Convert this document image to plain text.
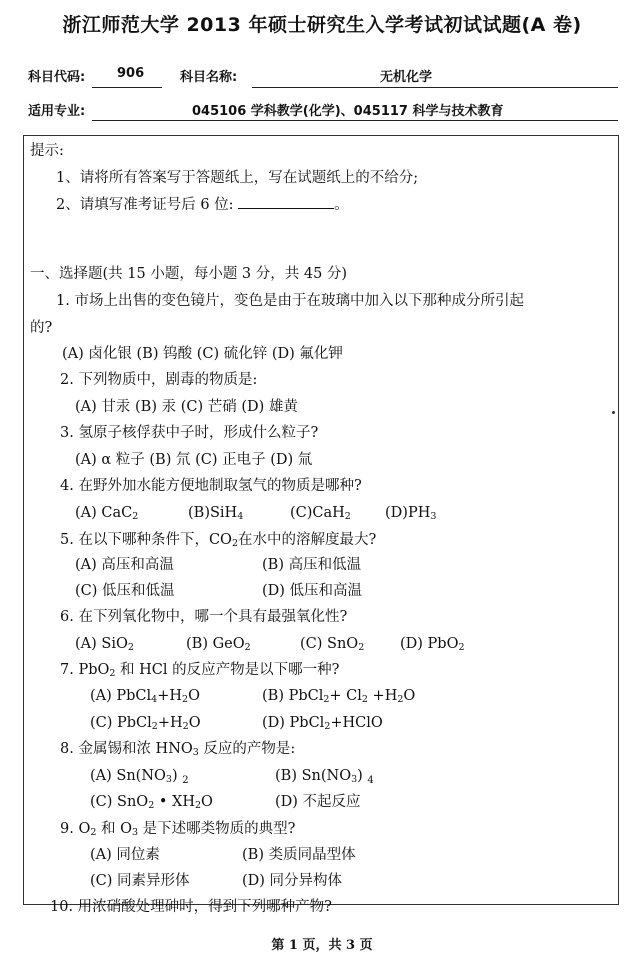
浙江师范大学 2013 年硕士研究生入学考试初试试题(A 卷)
科目代码: 906	科目名称:	无机化学
适用专业:	045106 学科教学(化学)、045117 科学与技术教育
提示:
1、请将所有答案写于答题纸上，写在试题纸上的不给分;
2、请填写准考证号后 6 位:	。
一、选择题(共 15 小题，每小题 3 分，共 45 分)
1. 市场上出售的变色镜片，变色是由于在玻璃中加入以下那种成分所引起
的?
(A) 卤化银 (B) 钨酸 (C) 硫化锌 (D) 氟化钾
2. 下列物质中，剧毒的物质是:
(A) 甘汞 (B) 汞 (C) 芒硝 (D) 雄黄
3. 氢原子核俘获中子时，形成什么粒子?
(A) α 粒子 (B) 氘 (C) 正电子 (D) 氚
4. 在野外加水能方便地制取氢气的物质是哪种?
(A) CaC$_2$	(B)SiH$_4$	(C)CaH$_2$ $(D)PH_3$
5. 在以下哪种条件下，$CO_2$在水中的溶解度最大?
(A) 高压和高温	(B) 高压和低温
(C) 低压和低温	(D) 低压和高温
6. 在下列氧化物中，哪一个具有最强氧化性?
(A) SiO$_2$	(B) GeO$_2$	(C) SnO$_2$ (D) PbO$_2$
7. PbO$_2$ 和 HCl 的反应产物是以下哪一种?
(A) $PbCl_4+H_2O$	(B) PbCl$_2$+ $Cl_2 +H_2O$
(C) $PbCl_2+H_2O$	(D) PbCl$_2$+HClO
8. 金属锡和浓 $HNO_3$ 反应的产物是:
(A) $Sn(NO_3)$ $_2$	(B) $Sn(NO_3)$ $_4$
(C) SnO$_2$ • $XH_2O$	(D) 不起反应
9. $O_2$ 和 $O_3$ 是下述哪类物质的典型?
(A) 同位素	(B) 类质同晶型体
(C) 同素异形体	(D) 同分异构体
10. 用浓硝酸处理砷时，得到下列哪种产物?
第 1 页，共 3 页
